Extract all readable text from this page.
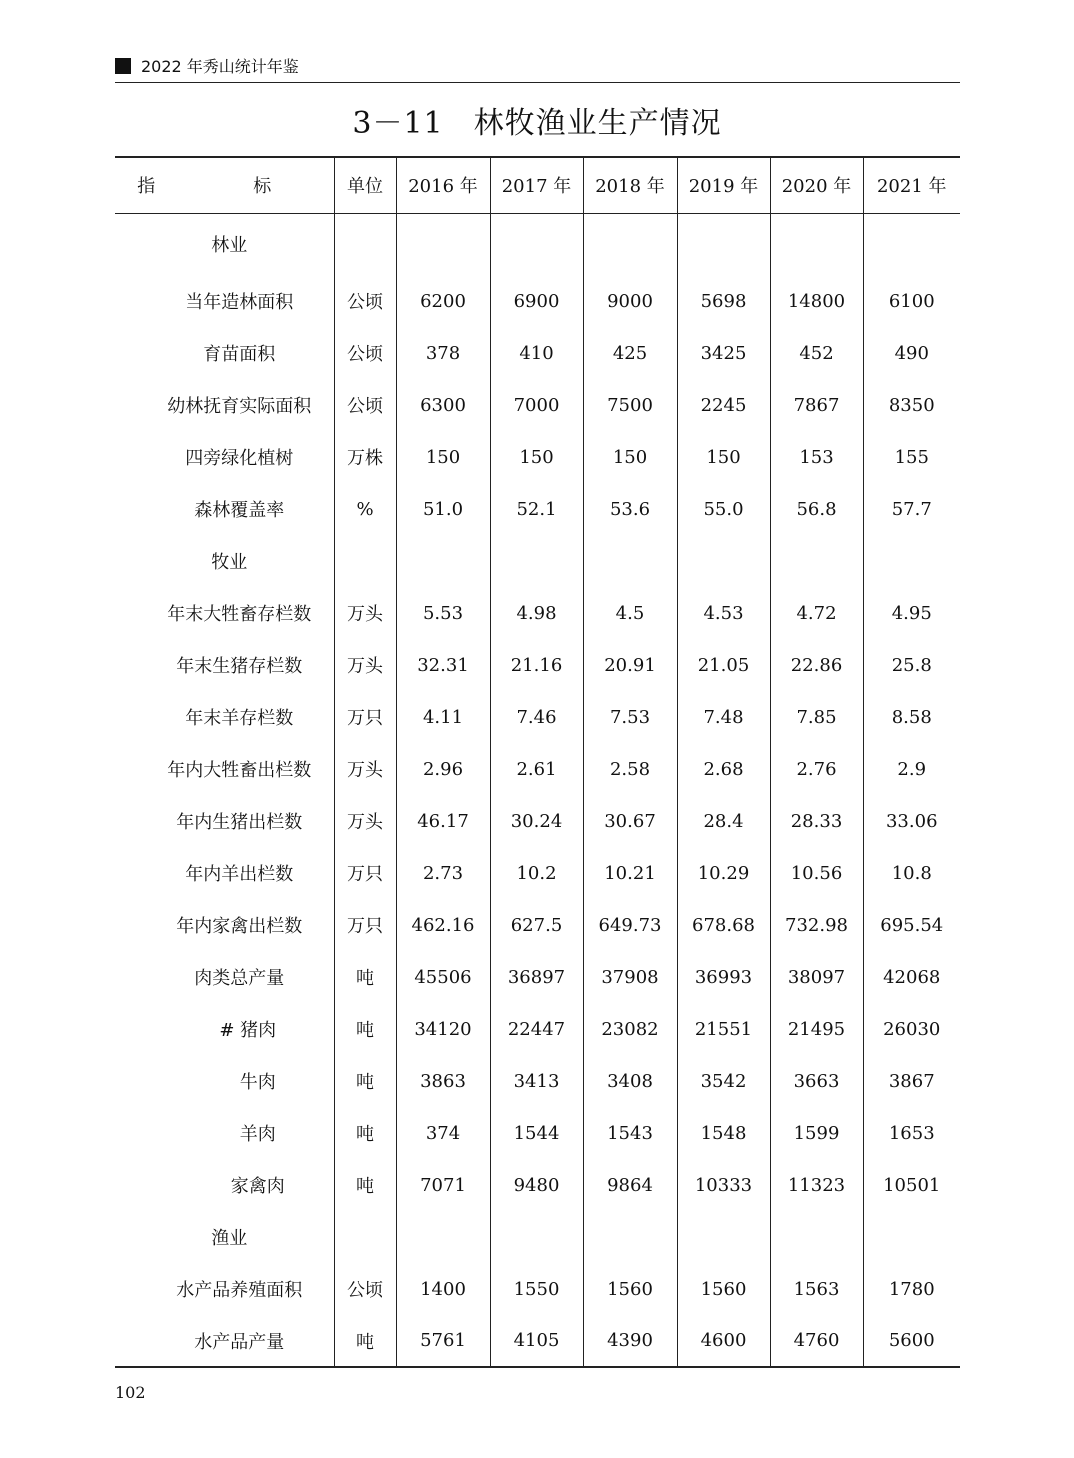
2022 年秀山统计年鉴
3－11 林牧渔业生产情况
指　标	单位	2016 年	2017 年	2018 年	2019 年	2020 年	2021 年
林业							
当年造林面积	公顷	6200	6900	9000	5698	14800	6100
育苗面积	公顷	378	410	425	3425	452	490
幼林抚育实际面积	公顷	6300	7000	7500	2245	7867	8350
四旁绿化植树	万株	150	150	150	150	153	155
森林覆盖率	%	51.0	52.1	53.6	55.0	56.8	57.7
牧业							
年末大牲畜存栏数	万头	5.53	4.98	4.5	4.53	4.72	4.95
年末生猪存栏数	万头	32.31	21.16	20.91	21.05	22.86	25.8
年末羊存栏数	万只	4.11	7.46	7.53	7.48	7.85	8.58
年内大牲畜出栏数	万头	2.96	2.61	2.58	2.68	2.76	2.9
年内生猪出栏数	万头	46.17	30.24	30.67	28.4	28.33	33.06
年内羊出栏数	万只	2.73	10.2	10.21	10.29	10.56	10.8
年内家禽出栏数	万只	462.16	627.5	649.73	678.68	732.98	695.54
肉类总产量	吨	45506	36897	37908	36993	38097	42068
# 猪肉	吨	34120	22447	23082	21551	21495	26030
牛肉	吨	3863	3413	3408	3542	3663	3867
羊肉	吨	374	1544	1543	1548	1599	1653
家禽肉	吨	7071	9480	9864	10333	11323	10501
渔业							
水产品养殖面积	公顷	1400	1550	1560	1560	1563	1780
水产品产量	吨	5761	4105	4390	4600	4760	5600
102
